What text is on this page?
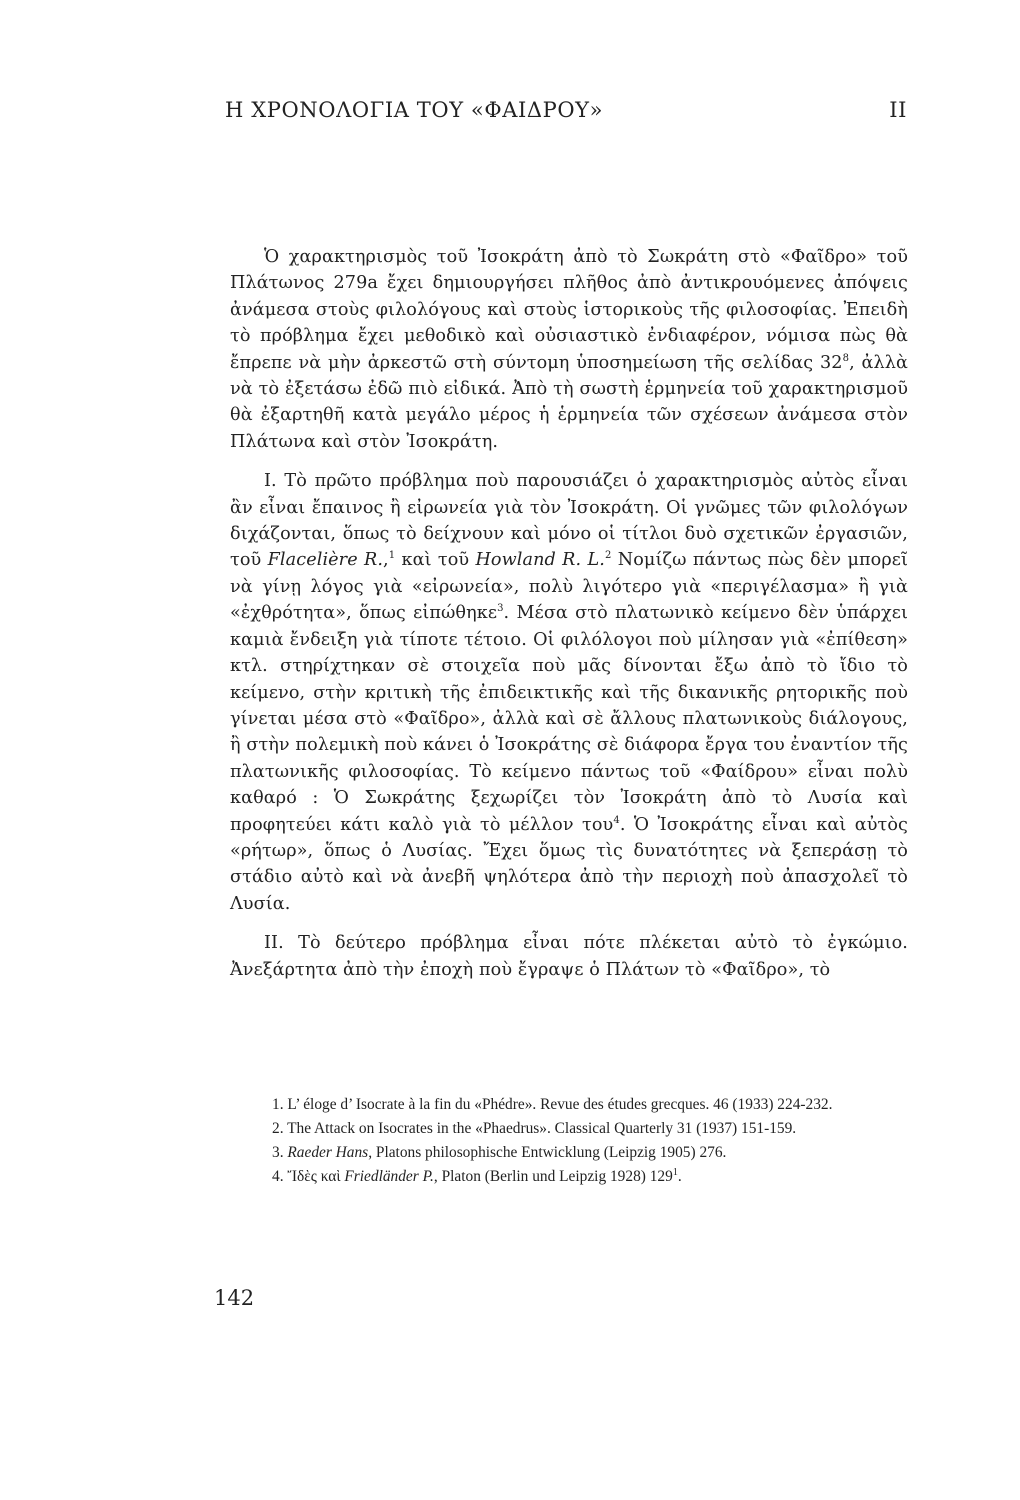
Η ΧΡΟΝΟΛΟΓΙΑ ΤΟΥ «ΦΑΙΔΡΟΥ»	II

Ὁ χαρακτηρισμὸς τοῦ Ἰσοκράτη ἀπὸ τὸ Σωκράτη στὸ «Φαῖδρο» τοῦ Πλάτωνος 279a ἔχει δημιουργήσει πλῆθος ἀπὸ ἀντικρουόμενες ἀπόψεις ἀνάμεσα στοὺς φιλολόγους καὶ στοὺς ἱστορικοὺς τῆς φιλοσοφίας. Ἐπειδὴ τὸ πρόβλημα ἔχει μεθοδικὸ καὶ οὐσιαστικὸ ἐνδιαφέρον, νόμισα πὼς θὰ ἔπρεπε νὰ μὴν ἀρκεστῶ στὴ σύντομη ὑποσημείωση τῆς σελίδας $32^8$, ἀλλὰ νὰ τὸ ἐξετάσω ἐδῶ πιὸ εἰδικά. Ἀπὸ τὴ σωστὴ ἑρμηνεία τοῦ χαρακτηρισμοῦ θὰ ἐξαρτηθῆ κατὰ μεγάλο μέρος ἡ ἑρμηνεία τῶν σχέσεων ἀνάμεσα στὸν Πλάτωνα καὶ στὸν Ἰσοκράτη.

I. Τὸ πρῶτο πρόβλημα ποὺ παρουσιάζει ὁ χαρακτηρισμὸς αὐτὸς εἶναι ἂν εἶναι ἔπαινος ἢ εἰρωνεία γιὰ τὸν Ἰσοκράτη. Οἱ γνῶμες τῶν φιλολόγων διχάζονται, ὅπως τὸ δείχνουν καὶ μόνο οἱ τίτλοι δυὸ σχετικῶν ἐργασιῶν, τοῦ Flacelière R.,$^1$ καὶ τοῦ Howland R. L.$^2$ Νομίζω πάντως πὼς δὲν μπορεῖ νὰ γίνῃ λόγος γιὰ «εἰρωνεία», πολὺ λιγότερο γιὰ «περιγέλασμα» ἢ γιὰ «ἐχθρότητα», ὅπως εἰπώθηκε$^3$. Μέσα στὸ πλατωνικὸ κείμενο δὲν ὑπάρχει καμιὰ ἔνδειξη γιὰ τίποτε τέτοιο. Οἱ φιλόλογοι ποὺ μίλησαν γιὰ «ἐπίθεση» κτλ. στηρίχτηκαν σὲ στοιχεῖα ποὺ μᾶς δίνονται ἔξω ἀπὸ τὸ ἴδιο τὸ κείμενο, στὴν κριτικὴ τῆς ἐπιδεικτικῆς καὶ τῆς δικανικῆς ρητορικῆς ποὺ γίνεται μέσα στὸ «Φαῖδρο», ἀλλὰ καὶ σὲ ἄλλους πλατωνικοὺς διάλογους, ἢ στὴν πολεμικὴ ποὺ κάνει ὁ Ἰσοκράτης σὲ διάφορα ἔργα του ἐναντίον τῆς πλατωνικῆς φιλοσοφίας. Τὸ κείμενο πάντως τοῦ «Φαίδρου» εἶναι πολὺ καθαρό : Ὁ Σωκράτης ξεχωρίζει τὸν Ἰσοκράτη ἀπὸ τὸ Λυσία καὶ προφητεύει κάτι καλὸ γιὰ τὸ μέλλον του$^4$. Ὁ Ἰσοκράτης εἶναι καὶ αὐτὸς «ρήτωρ», ὅπως ὁ Λυσίας. Ἔχει ὅμως τὶς δυνατότητες νὰ ξεπεράσῃ τὸ στάδιο αὐτὸ καὶ νὰ ἀνεβῆ ψηλότερα ἀπὸ τὴν περιοχὴ ποὺ ἀπασχολεῖ τὸ Λυσία.

II. Τὸ δεύτερο πρόβλημα εἶναι πότε πλέκεται αὐτὸ τὸ ἐγκώμιο. Ἀνεξάρτητα ἀπὸ τὴν ἐποχὴ ποὺ ἔγραψε ὁ Πλάτων τὸ «Φαῖδρο», τὸ

1. L’ éloge d’ Isocrate à la fin du «Phédre». Revue des études grecques. 46 (1933) 224-232.

2. The Attack on Isocrates in the «Phaedrus». Classical Quarterly 31 (1937) 151-159.

3. Raeder Hans, Platons philosophische Entwicklung (Leipzig 1905) 276.

4. Ἴδὲς καὶ Friedländer P., Platon (Berlin und Leipzig 1928) $129^1$.

142
